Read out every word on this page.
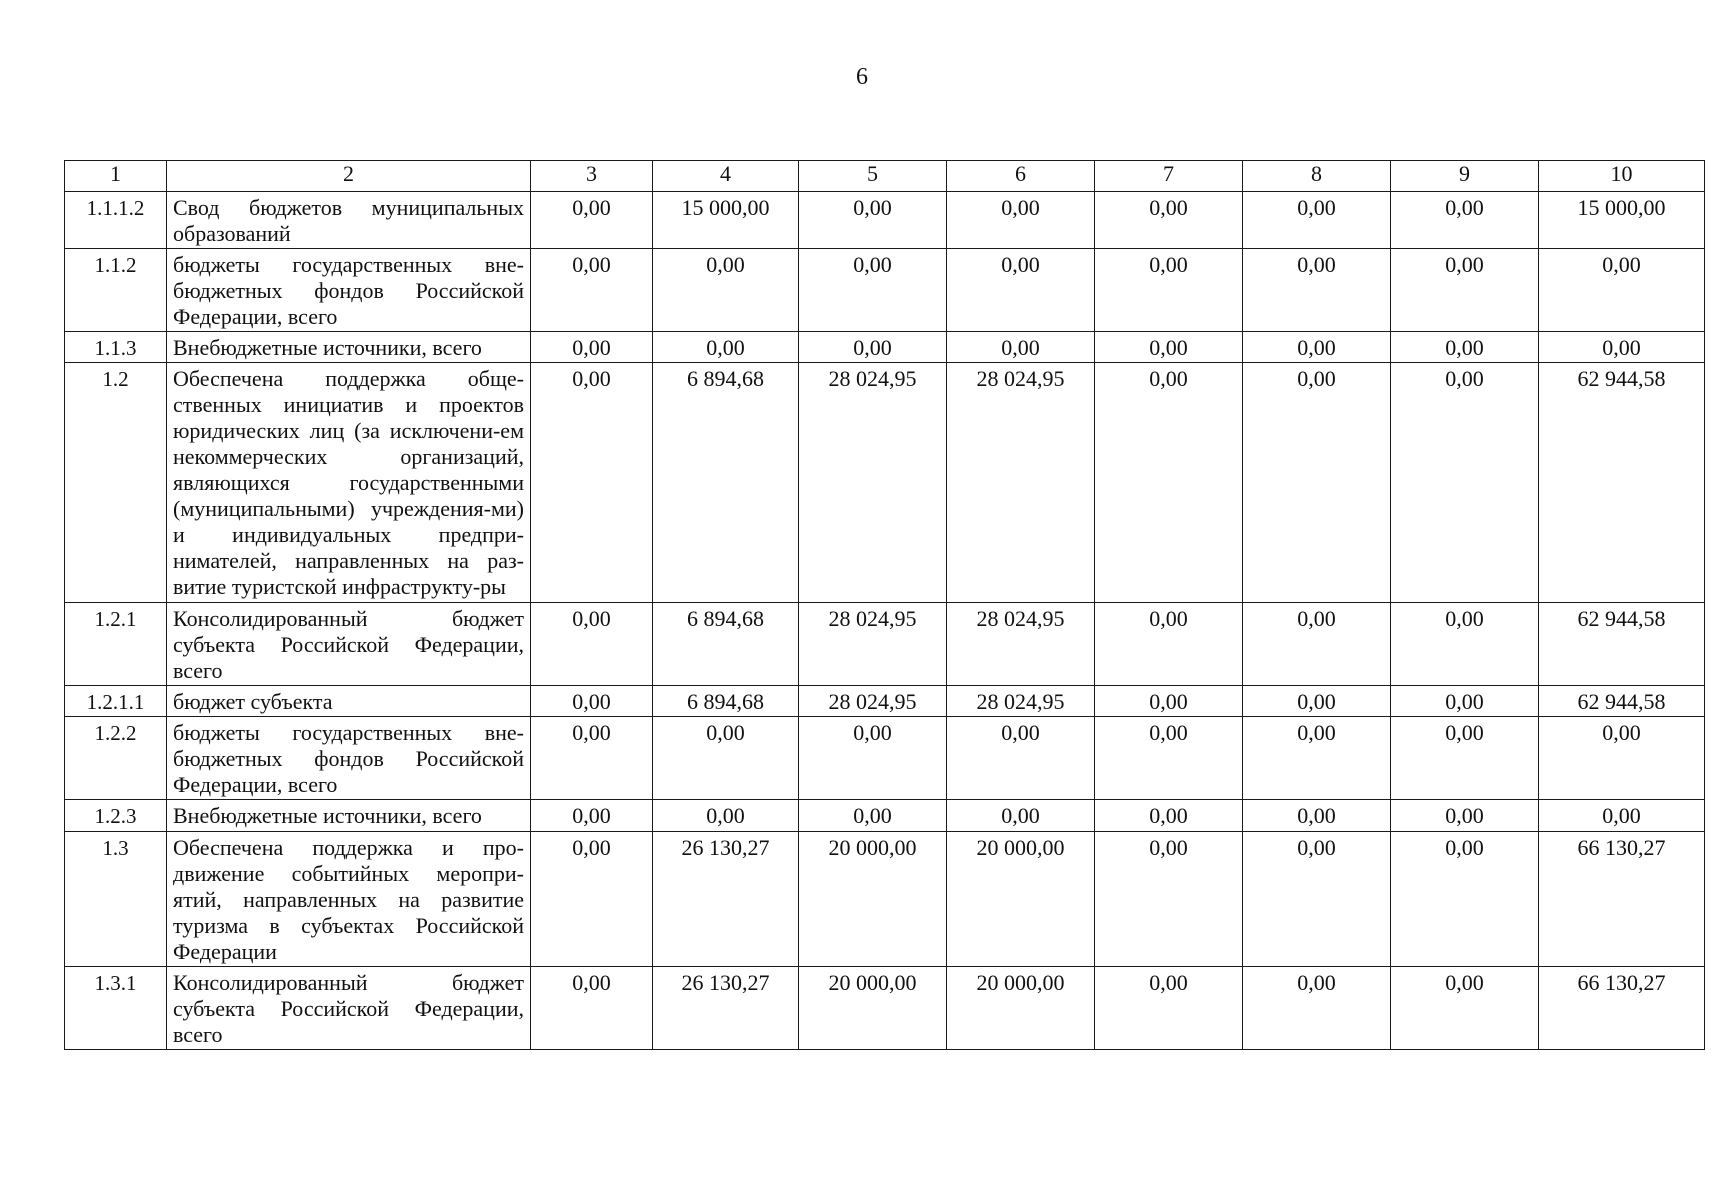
6
1	2	3	4	5	6	7	8	9	10
1.1.1.2	Свод бюджетов муниципальных образований	0,00	15 000,00	0,00	0,00	0,00	0,00	0,00	15 000,00
1.1.2	бюджеты государственных вне-бюджетных фондов Российской Федерации, всего	0,00	0,00	0,00	0,00	0,00	0,00	0,00	0,00
1.1.3	Внебюджетные источники, всего	0,00	0,00	0,00	0,00	0,00	0,00	0,00	0,00
1.2	Обеспечена поддержка обще-ственных инициатив и проектов юридических лиц (за исключени-ем некоммерческих организаций, являющихся государственными (муниципальными) учреждения-ми) и индивидуальных предпри-нимателей, направленных на раз-витие туристской инфраструкту-ры	0,00	6 894,68	28 024,95	28 024,95	0,00	0,00	0,00	62 944,58
1.2.1	Консолидированный бюджет субъекта Российской Федерации, всего	0,00	6 894,68	28 024,95	28 024,95	0,00	0,00	0,00	62 944,58
1.2.1.1	бюджет субъекта	0,00	6 894,68	28 024,95	28 024,95	0,00	0,00	0,00	62 944,58
1.2.2	бюджеты государственных вне-бюджетных фондов Российской Федерации, всего	0,00	0,00	0,00	0,00	0,00	0,00	0,00	0,00
1.2.3	Внебюджетные источники, всего	0,00	0,00	0,00	0,00	0,00	0,00	0,00	0,00
1.3	Обеспечена поддержка и про-движение событийных меропри-ятий, направленных на развитие туризма в субъектах Российской Федерации	0,00	26 130,27	20 000,00	20 000,00	0,00	0,00	0,00	66 130,27
1.3.1	Консолидированный бюджет субъекта Российской Федерации, всего	0,00	26 130,27	20 000,00	20 000,00	0,00	0,00	0,00	66 130,27
